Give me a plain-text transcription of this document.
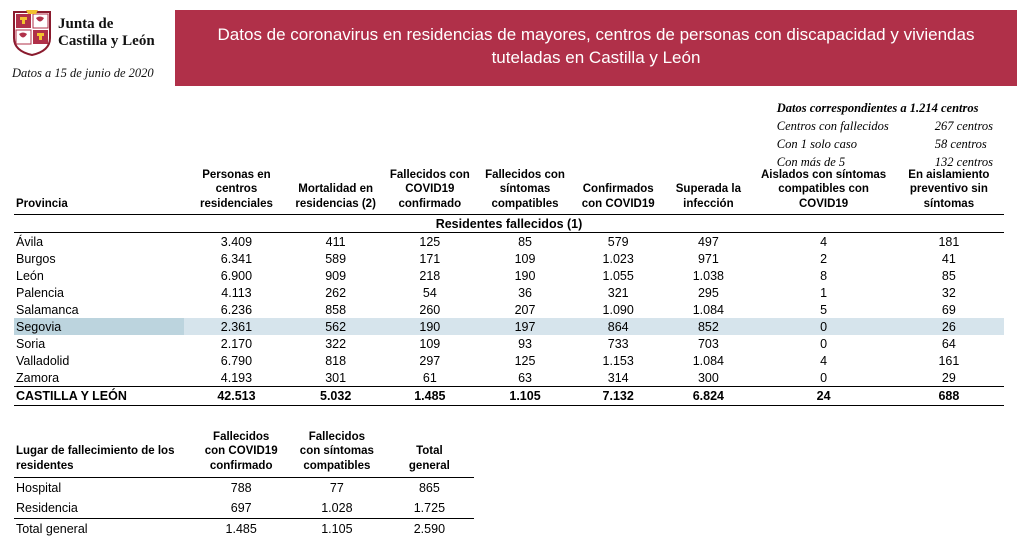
Junta de
Castilla y León
Datos a 15 de junio de 2020
Datos de coronavirus en residencias de mayores, centros de personas con discapacidad y viviendas tuteladas en Castilla y León
Datos correspondientes a 1.214 centros
Centros con fallecidos	267 centros
Con 1 solo caso	58 centros
Con más de 5	132 centros
Provincia	Personas en centros residenciales	Mortalidad en residencias (2)	Fallecidos con COVID19 confirmado	Fallecidos con síntomas compatibles	Confirmados con COVID19	Superada la infección	Aislados con síntomas compatibles con COVID19	En aislamiento preventivo sin síntomas
Residentes fallecidos (1)								
Ávila	3.409	411	125	85	579	497	4	181
Burgos	6.341	589	171	109	1.023	971	2	41
León	6.900	909	218	190	1.055	1.038	8	85
Palencia	4.113	262	54	36	321	295	1	32
Salamanca	6.236	858	260	207	1.090	1.084	5	69
Segovia	2.361	562	190	197	864	852	0	26
Soria	2.170	322	109	93	733	703	0	64
Valladolid	6.790	818	297	125	1.153	1.084	4	161
Zamora	4.193	301	61	63	314	300	0	29
CASTILLA Y LEÓN	42.513	5.032	1.485	1.105	7.132	6.824	24	688
Lugar de fallecimiento de los residentes	Fallecidos con COVID19 confirmado	Fallecidos con síntomas compatibles	Total general
Hospital	788	77	865
Residencia	697	1.028	1.725
Total general	1.485	1.105	2.590
